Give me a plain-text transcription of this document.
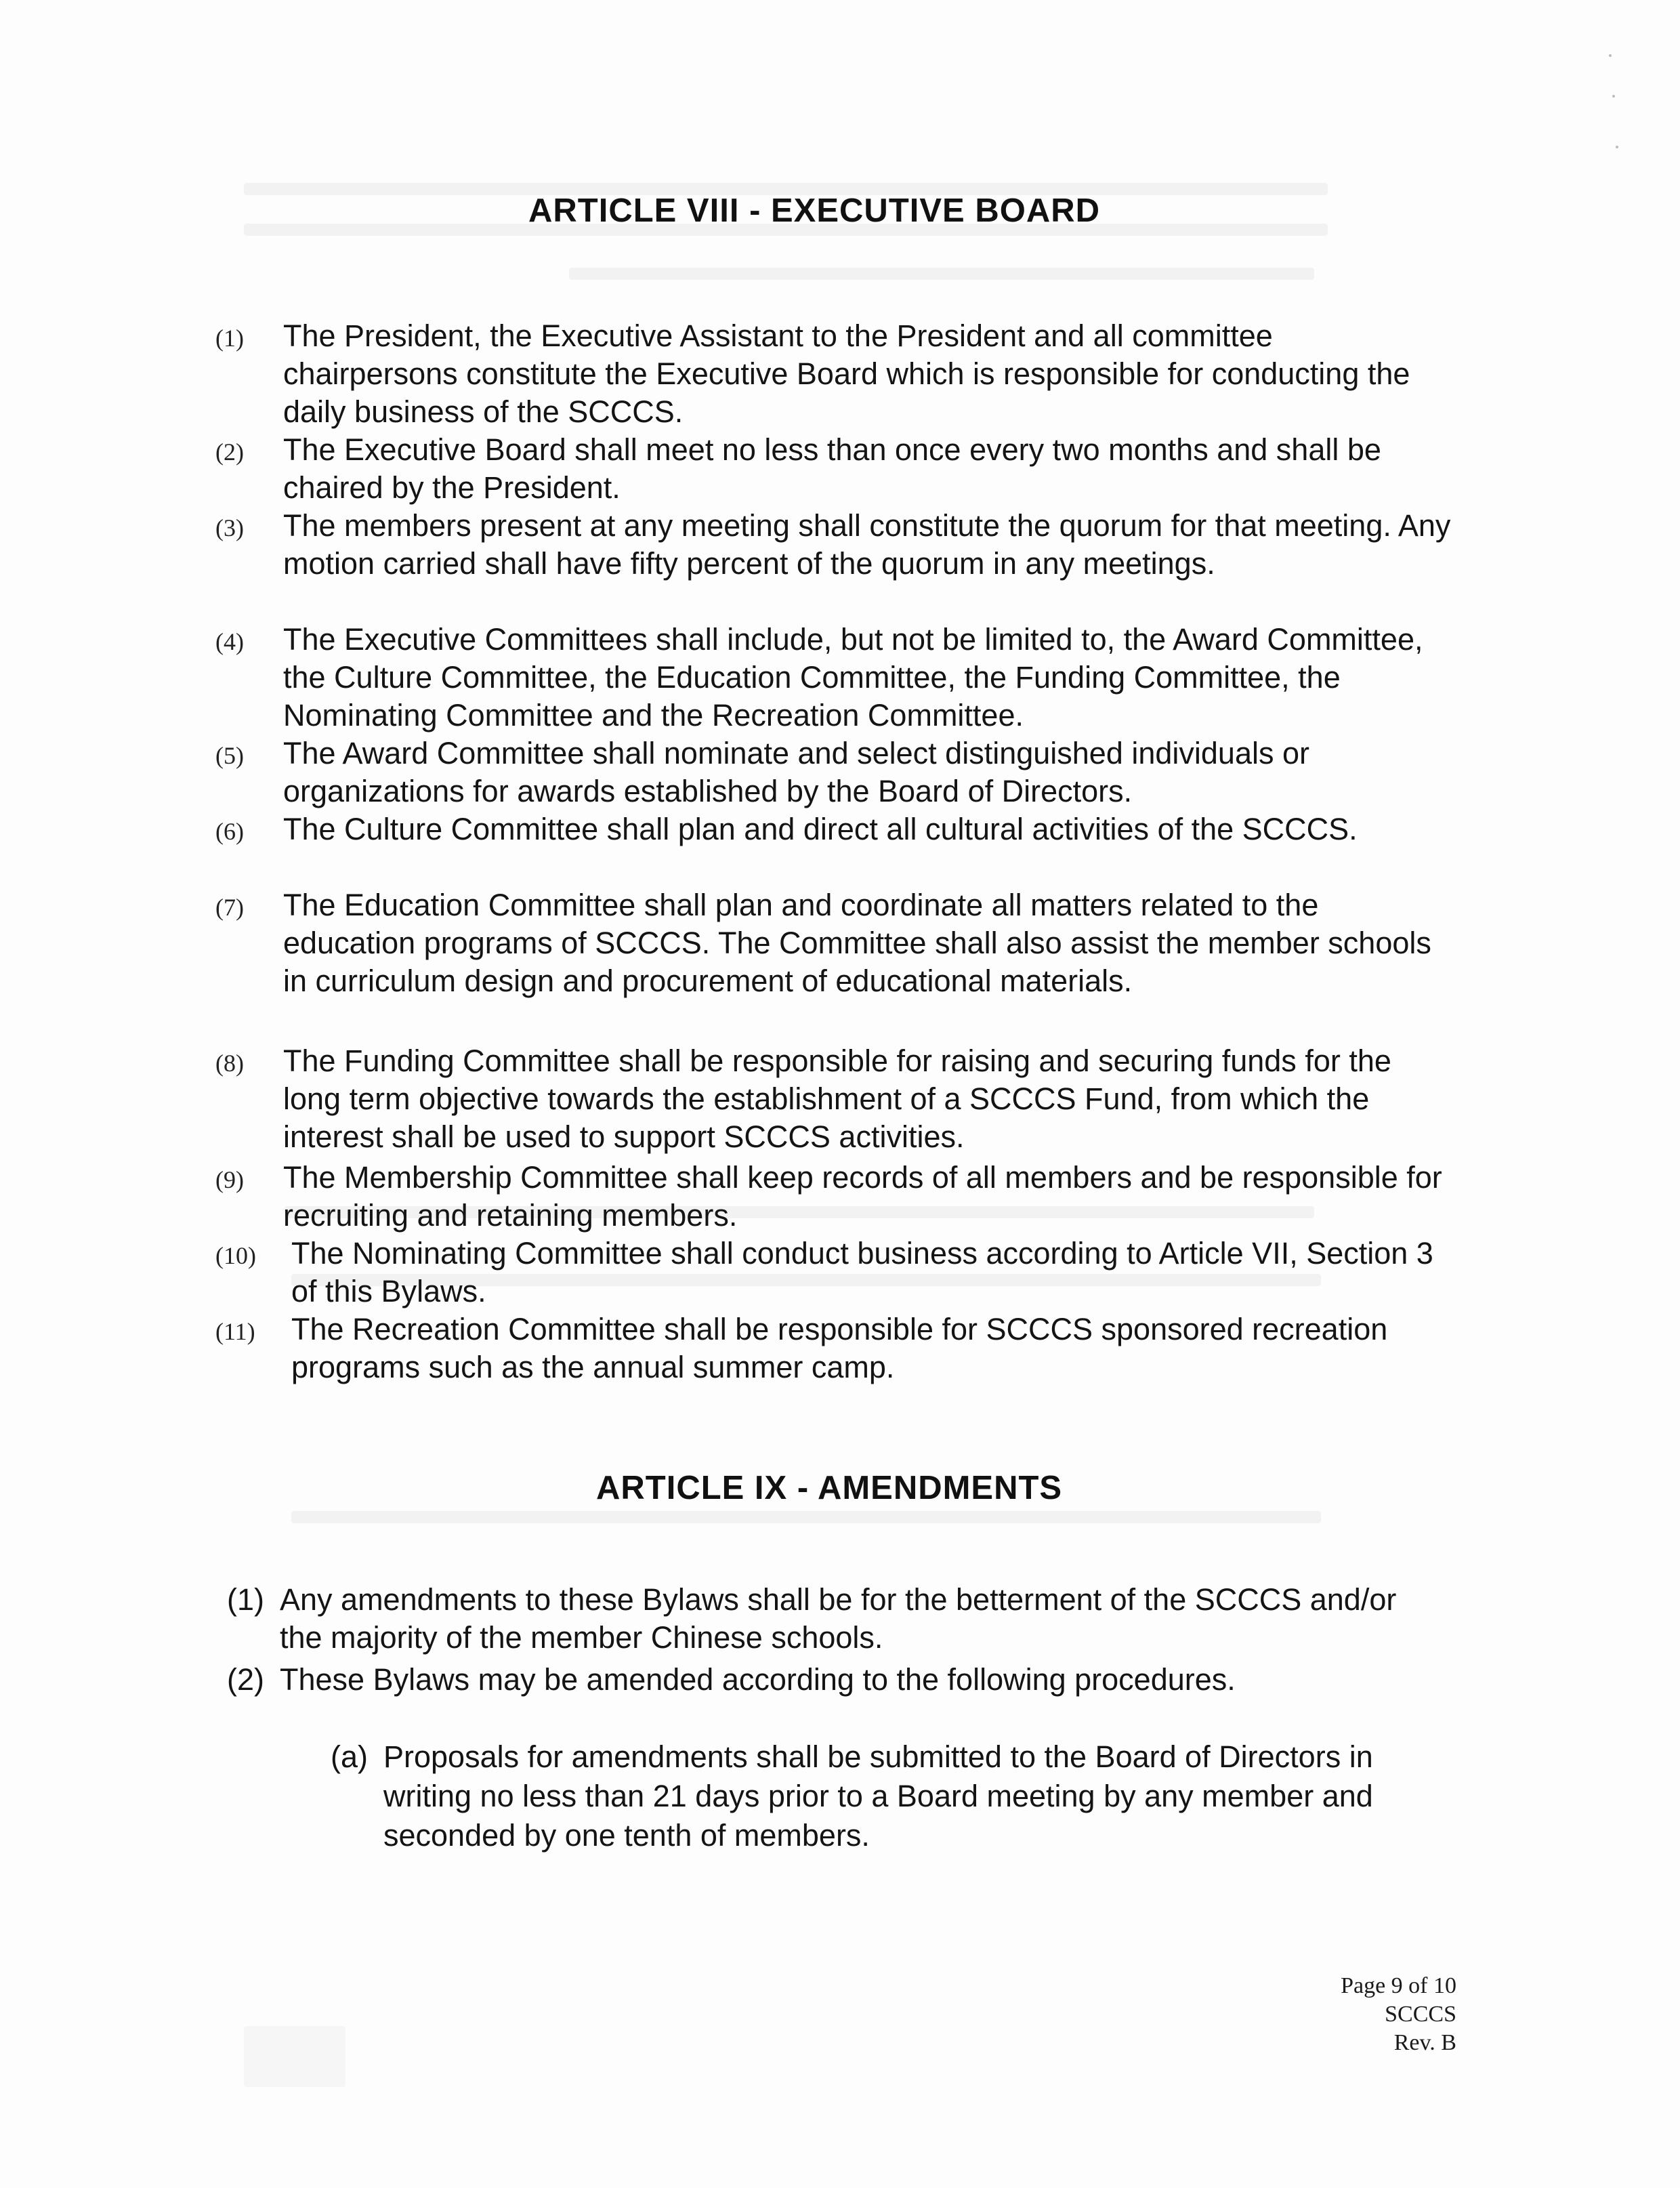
ARTICLE VIII - EXECUTIVE BOARD
(1) The President, the Executive Assistant to the President and all committee chairpersons constitute the Executive Board which is responsible for conducting the daily business of the SCCCS.
(2) The Executive Board shall meet no less than once every two months and shall be chaired by the President.
(3) The members present at any meeting shall constitute the quorum for that meeting. Any motion carried shall have fifty percent of the quorum in any meetings.
(4) The Executive Committees shall include, but not be limited to, the Award Committee, the Culture Committee, the Education Committee, the Funding Committee, the Nominating Committee and the Recreation Committee.
(5) The Award Committee shall nominate and select distinguished individuals or organizations for awards established by the Board of Directors.
(6) The Culture Committee shall plan and direct all cultural activities of the SCCCS.
(7) The Education Committee shall plan and coordinate all matters related to the education programs of SCCCS. The Committee shall also assist the member schools in curriculum design and procurement of educational materials.
(8) The Funding Committee shall be responsible for raising and securing funds for the long term objective towards the establishment of a SCCCS Fund, from which the interest shall be used to support SCCCS activities.
(9) The Membership Committee shall keep records of all members and be responsible for recruiting and retaining members.
(10) The Nominating Committee shall conduct business according to Article VII, Section 3 of this Bylaws.
(11) The Recreation Committee shall be responsible for SCCCS sponsored recreation programs such as the annual summer camp.
ARTICLE IX - AMENDMENTS
(1) Any amendments to these Bylaws shall be for the betterment of the SCCCS and/or the majority of the member Chinese schools.
(2) These Bylaws may be amended according to the following procedures.
(a) Proposals for amendments shall be submitted to the Board of Directors in writing no less than 21 days prior to a Board meeting by any member and seconded by one tenth of members.
Page 9 of 10
SCCCS
Rev. B
